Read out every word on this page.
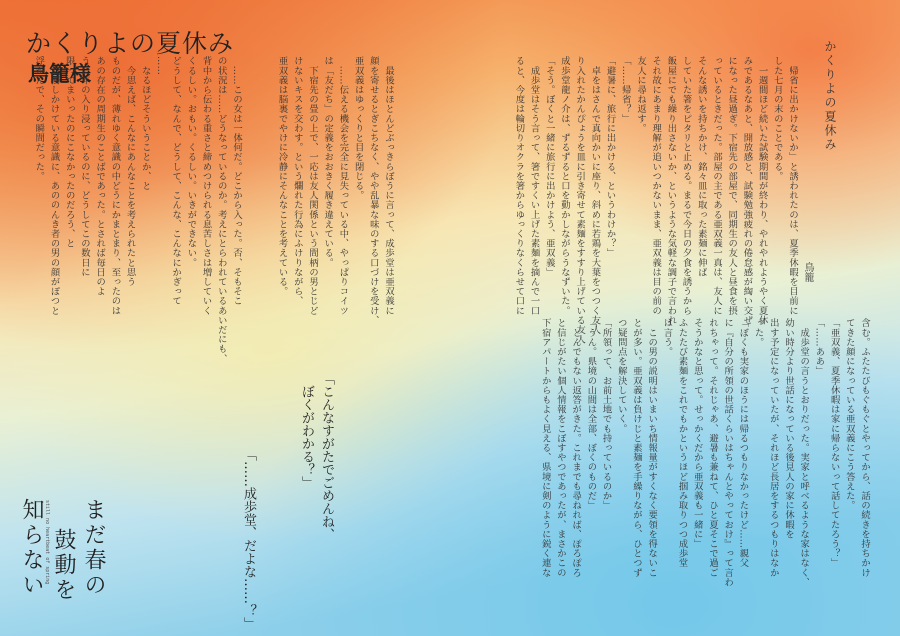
かくりよの夏休み
鳥籠様	かくりよの夏休み
鳥籠
　帰省に出かけないか」と誘われたのは、夏季休暇を目前に
した七月の末のことである。
　一週間ほど続いた試験期間が終わり、やれやれようやく夏休
みであるなあと、開放感と、試験勉強疲れの倦怠感が綯い交ぜ
になった昼過ぎ。下宿先の部屋で、同期生の友人と昼食を摂
っているときだった。部屋の主である亜双義一真は、友人に
そんな誘いを持ちかけ、銘々皿に取った素麺に伸ば
していた箸をピタリと止める。まるで今日の夕食を誘うから
飯屋にでも繰り出さないか、というような気軽な調子で言われ
それ故にあまり理解が追いつかないまま、亜双義は目の前の
友人に尋ね返す。
「……帰省？」
「避暑に、旅行に出かける、というわけか？」
　卓をはさんで真向かいに座り、斜めに若鶏を大葉をつつく友人
り入れたかんぴょうを皿に引き寄せて素麺をすすり上げている友人
成歩堂龍ノ介は、ずるずると口を動かしながらうなずいた。
「そう。ぼくと一緒に旅行に出かけよう、亜双義」
　成歩堂はそう言って、箸ですくい上げた素麺を摘んで一口
ると、今度は輪切りオクラを箸からゆっくりなくらせて口に
含む。ふたたびもぐもぐとやってから、話の続きを持ちかけ
てきた顔になっている亜双義にこう答えた。
「亜双義、夏季休暇は家に帰らないって話してたろう？」
「……ああ」
　成歩堂の言うとおりだった。実家と呼べるような家はなく、
幼い時分より世話になっている後見人の家に休暇を
出す予定になっていたが、それほど長居をするつもりはなか
った。
「ぼくも実家のほうには帰るつもりなかったけど……親父
に『自分の所領の世話くらいはちゃんとやっておけ』って言わ
れちゃって。それじゃあ、避暑も兼ねて、ひと夏そこで過ご
そうかなと思って。せっかくだから亜双義も一緒に」
ふたたび素麺をこれでもかというほど掴み取りつつ成歩堂
は言う。
　この男の説明はいまいち情報量がすくなく要領を得ないこ
とが多い。亜双義は負けじと素麺を手繰りながら、ひとつず
つ疑問点を解決していく。
「所領って、お前土地でも持っているのか」
「うん。県境の山間は全部、ぼくのものだ」
　とんでもない返答がきた。これまでも尋ねれば、ぽろぽろ
と信じがたい個人情報をこぼすやつであったが、まさかこの
下宿アパートからもよく見える、県境に剣のように鋭く連な
　最後はほとんどぶっきらぼうに言って、成歩堂は亜双義に
顔を寄せるとぎこちなく、やや乱暴な味のする口づけを受け、
亜双義はゆっくりと目を閉じる。
　……伝える機会を完全に見失っている中、やっぱりコイツ
は「友だち」の定義をおおきく履き違えている。
　下宿先の畳の上で、一応は友人関係という間柄の男とじど
けないキスを交わす。という爛れた行為にふけりながら、
亜双義は脳裏でやけに冷静にそんなことを考えている。

　……この女は一体何だ。どこから入った。否、そもそこ
の状況は……どうなっているのか。考えにとらわれているあいだにも、
背中から伝わる重さと締めつけられる息苦しさは増していく
くるしい。おもい。くるしい。いきができない。
どうして、なんで、どうして、こんな、こんなにかぎって
……
　なるほどそういうことか、と
　今思えば、こんなにあんなことを考えられたと思う
ものだが、薄れゆく意識の中どうにかまとまり、至ったのは
あの存在の周期生のことばであった。とされば毎日のよ
うに年の入り浸っているのに、どうしてこの数日に
限ってまいったのにこなかったのだろう、と
　混濁しかけている意識に、あののんき者の男の顔がぽつと
浮かんで、その瞬間だった。
「こんなすがたでごめんね、
　ぼくがわかる？」
「……成歩堂、だよな……？」
まだ春の
鼓動を
知らない still no heartbeat of spring
